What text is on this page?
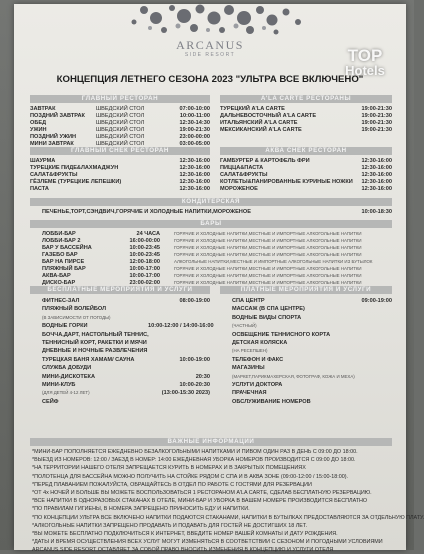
ARCANUS
SIDE RESORT
КОНЦЕПЦИЯ ЛЕТНЕГО СЕЗОНА 2023 "УЛЬТРА ВСЕ ВКЛЮЧЕНО"
ГЛАВНЫЙ РЕСТОРАН
ЗАВТРАК	ШВЕДСКИЙ СТОЛ	07:00-10:00
ПОЗДНИЙ ЗАВТРАК	ШВЕДСКИЙ СТОЛ	10:00-11:00
ОБЕД	ШВЕДСКИЙ СТОЛ	12:30-14:30
УЖИН	ШВЕДСКИЙ СТОЛ	19:00-21:30
ПОЗДНИЙ УЖИН	ШВЕДСКИЙ СТОЛ	23:00-00:00
МИНИ ЗАВТРАК	ШВЕДСКИЙ СТОЛ	03:00-05:00
A'LA CARTE РЕСТОРАНЫ
ТУРЕЦКИЙ A'LA CARTE	19:00-21:30
ДАЛЬНЕВОСТОЧНЫЙ A'LA CARTE	19:00-21:30
ИТАЛЬЯНСКИЙ A'LA CARTE	19:00-21:30
МЕКСИКАНСКИЙ A'LA CARTE	19:00-21:30
ГЛАВНЫЙ СНЕК РЕСТОРАН
ШАУРМА	12:30-16:00
ТУРЕЦКИЕ ПИДЕ&ЛАХМАДЖУН	12:30-16:00
САЛАТ&ФРУКТЫ	12:30-16:00
ГЁЗЛЕМЕ (ТУРЕЦКИЕ ЛЕПЕШКИ)	12:30-16:00
ПАСТА	12:30-16:00
АКВА СНЕК РЕСТОРАН
ГАМБУРГЕР & КАРТОФЕЛЬ ФРИ	12:30-16:00
ПИЦЦА&ПАСТА	12:30-16:00
САЛАТ&ФРУКТЫ	12:30-16:00
КОТЛЕТЫ&ПАНИРОВАННЫЕ КУРИНЫЕ НОЖКИ	12:30-16:00
МОРОЖЕНОЕ	12:30-16:00
КОНДИТЕРСКАЯ
ПЕЧЕНЬЕ,ТОРТ,СЭНДВИЧ,ГОРЯЧИЕ И ХОЛОДНЫЕ НАПИТКИ,МОРОЖЕНОЕ	10:00-18:30
БАРЫ
ЛОББИ-БАР	24 ЧАСА	ГОРЯЧИЕ И ХОЛОДНЫЕ НАПИТКИ,МЕСТНЫЕ И ИМПОРТНЫЕ АЛКОГОЛЬНЫЕ НАПИТКИ
ЛОББИ-БАР 2	16:00-00:00	ГОРЯЧИЕ И ХОЛОДНЫЕ НАПИТКИ,МЕСТНЫЕ И ИМПОРТНЫЕ АЛКОГОЛЬНЫЕ НАПИТКИ
БАР У БАССЕЙНА	10:00-23:45	ГОРЯЧИЕ И ХОЛОДНЫЕ НАПИТКИ,МЕСТНЫЕ И ИМПОРТНЫЕ АЛКОГОЛЬНЫЕ НАПИТКИ
ГАЗЕБО БАР	10:00-23:45	ГОРЯЧИЕ И ХОЛОДНЫЕ НАПИТКИ,МЕСТНЫЕ И ИМПОРТНЫЕ АЛКОГОЛЬНЫЕ НАПИТКИ
БАР НА ПИРСЕ	12:00-18:00	АЛКОГОЛЬНЫЕ НАПИТКИ,МЕСТНЫЕ И ИМПОРТНЫЕ АЛКОГОЛЬНЫЕ НАПИТКИ ИЗ БУТЫЛОК
ПЛЯЖНЫЙ БАР	10:00-17:00	ГОРЯЧИЕ И ХОЛОДНЫЕ НАПИТКИ,МЕСТНЫЕ И ИМПОРТНЫЕ АЛКОГОЛЬНЫЕ НАПИТКИ
АКВА-БАР	10:00-17:00	ГОРЯЧИЕ И ХОЛОДНЫЕ НАПИТКИ,МЕСТНЫЕ И ИМПОРТНЫЕ АЛКОГОЛЬНЫЕ НАПИТКИ
ДИСКО-БАР	23:00-02:00	ГОРЯЧИЕ И ХОЛОДНЫЕ НАПИТКИ,МЕСТНЫЕ И ИМПОРТНЫЕ АЛКОГОЛЬНЫЕ НАПИТКИ
БЕСПЛАТНЫЕ МЕРОПРИЯТИЯ И УСЛУГИ
ФИТНЕС-ЗАЛ	08:00-19:00
ПЛЯЖНЫЙ ВОЛЕЙБОЛ
(В ЗАВИСИМОСТИ ОТ ПОГОДЫ)
ВОДНЫЕ ГОРКИ	10:00-12:00 / 14:00-16:00
БОЧЧА,ДАРТ, НАСТОЛЬНЫЙ ТЕННИС,
ТЕННИСНЫЙ КОРТ, РАКЕТКИ И МЯЧИ
ДНЕВНЫЕ И НОЧНЫЕ РАЗВЛЕЧЕНИЯ
ТУРЕЦКАЯ БАНЯ ХАМАМ/ САУНА	10:00-19:00
СЛУЖБА ДОБУДИ
МИНИ-ДИСКОТЕКА	20:30
МИНИ-КЛУБ	10:00-20:30
(ДЛЯ ДЕТЕЙ 4-12 ЛЕТ)	(13:00-15:30 2023)
СЕЙФ
ПЛАТНЫЕ МЕРОПРИЯТИЯ И УСЛУГИ
СПА ЦЕНТР	09:00-19:00
МАССАЖ (В СПА ЦЕНТРЕ)
ВОДНЫЕ ВИДЫ СПОРТА
(ЧАСТНЫЙ)
ОСВЕЩЕНИЕ ТЕННИСНОГО КОРТА
ДЕТСКАЯ КОЛЯСКА
(НА РЕСЕПШЕН)
ТЕЛЕФОН И ФАКС
МАГАЗИНЫ
(МАРКЕТ,ПАРИКМАХЕРСКАЯ, ФОТОГРАФ, КОЖА И МЕХА)
УСЛУГИ ДОКТОРА
ПРАЧЕЧНАЯ
ОБСЛУЖИВАНИЕ НОМЕРОВ
ВАЖНЫЕ ИНФОРМАЦИИ
*МИНИ-БАР ПОПОЛНЯЕТСЯ ЕЖЕДНЕВНО БЕЗАЛКОГОЛЬНЫМИ НАПИТКАМИ И ПИВОМ ОДИН РАЗ В ДЕНЬ С 09:00 ДО 18:00.
*ВЫЕЗД ИЗ НОМЕРОВ: 12:00 / ЗАЕЗД В НОМЕР: 14:00 ЕЖЕДНЕВНАЯ УБОРКА НОМЕРОВ ПРОИЗВОДИТСЯ С 09:00 ДО 18:00.
*НА ТЕРРИТОРИИ НАШЕГО ОТЕЛЯ ЗАПРЕЩАЕТСЯ КУРИТЬ В НОМЕРАХ И В ЗАКРЫТЫХ ПОМЕЩЕНИЯХ
*ПОЛОТЕНЦА ДЛЯ БАССЕЙНА МОЖНО ПОЛУЧИТЬ НА СТОЙКЕ РЯДОМ С СПА И В АКВА ЗОНЕ (09:00-12:00 / 15:00-18:00).
*ПЕРЕД ПЛАВАНИЕМ ПОЖАЛУЙСТА, ОБРАЩАЙТЕСЬ В ОТДЕЛ ПО РАБОТЕ С ГОСТЯМИ ДЛЯ РЕЗЕРВАЦИИ
*ОТ 4х НОЧЕЙ И БОЛЬШЕ ВЫ МОЖЕТЕ ВОСПОЛЬЗОВАТЬСЯ 1 РЕСТОРАНОМ A'LA CARTE, СДЕЛАВ БЕСПЛАТНУЮ РЕЗЕРВАЦИЮ.
*ВСЕ НАПИТКИ В ОДНОРАЗОВЫХ СТАКАНАХ В ОТЕЛЕ, МИНИ-БАР И УБОРКА В ВАШЕМ НОМЕРЕ ПРОИЗВОДИТСЯ БЕСПЛАТНО
*ПО ПРАВИЛАМ ГИГИЕНЫ, В НОМЕРА ЗАПРЕЩЕНО ПРИНОСИТЬ ЕДУ И НАПИТКИ.
*ПО КОНЦЕПЦИИ УЛЬТРА ВСЕ ВКЛЮЧЕНО НАПИТКИ ПОДАЮТСЯ СТАКАНАМИ, НАПИТКИ В БУТЫЛКАХ ПРЕДОСТАВЛЯЮТСЯ ЗА ОТДЕЛЬНУЮ ПЛАТУ.
*АЛКОГОЛЬНЫЕ НАПИТКИ ЗАПРЕЩЕНО ПРОДАВАТЬ И ПОДАВАТЬ ДЛЯ ГОСТЕЙ НЕ ДОСТИГШИХ 18 ЛЕТ.
*ВЫ МОЖЕТЕ БЕСПЛАТНО ПОДКЛЮЧИТЬСЯ К ИНТЕРНЕТ, ВВЕДИТЕ НОМЕР ВАШЕЙ КОМНАТЫ И ДАТУ РОЖДЕНИЯ.
*ДАТЫ И ВРЕМЯ ОСУЩЕСТВЛЕНИЯ ВСЕХ УСЛУГ МОГУТ ИЗМЕНЯТЬСЯ В СООТВЕТСТВИИ С СЕЗОНОМ И ПОГОДНЫМИ УСЛОВИЯМИ
ARCANUS SIDE RESORT ОСТАВЛЯЕТ ЗА СОБОЙ ПРАВО ВНОСИТЬ ИЗМЕНЕНИЯ В КОНЦЕПЦИЮ И УСЛУГИ ОТЕЛЯ
TOP
Hotels
